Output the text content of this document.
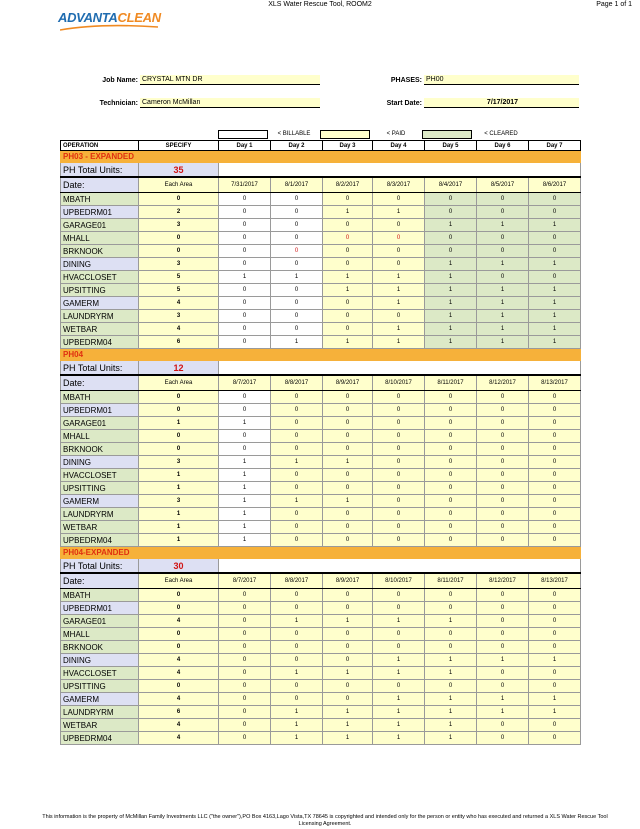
XLS Water Rescue Tool, ROOM2	Page 1 of 1
ADVANTACLEAN
Job Name: CRYSTAL MTN DR	PHASES: PH00
Technician: Cameron McMillan	Start Date:	7/17/2017
< BILLABLE	< PAID	< CLEARED
OPERATION	SPECIFY	Day 1	Day 2	Day 3	Day 4	Day 5	Day 6	Day 7
PH03 - EXPANDED								
PH Total Units:	35							
Date:	Each Area	7/31/2017	8/1/2017	8/2/2017	8/3/2017	8/4/2017	8/5/2017	8/6/2017
MBATH	0	0	0	0	0	0	0	0
UPBEDRM01	2	0	0	1	1	0	0	0
GARAGE01	3	0	0	0	0	1	1	1
MHALL	0	0	0	0	0	0	0	0
BRKNOOK	0	0	0	0	0	0	0	0
DINING	3	0	0	0	0	1	1	1
HVACCLOSET	5	1	1	1	1	1	0	0
UPSITTING	5	0	0	1	1	1	1	1
GAMERM	4	0	0	0	1	1	1	1
LAUNDRYRM	3	0	0	0	0	1	1	1
WETBAR	4	0	0	0	1	1	1	1
UPBEDRM04	6	0	1	1	1	1	1	1
PH04								
PH Total Units:	12							
Date:	Each Area	8/7/2017	8/8/2017	8/9/2017	8/10/2017	8/11/2017	8/12/2017	8/13/2017
MBATH	0	0	0	0	0	0	0	0
UPBEDRM01	0	0	0	0	0	0	0	0
GARAGE01	1	1	0	0	0	0	0	0
MHALL	0	0	0	0	0	0	0	0
BRKNOOK	0	0	0	0	0	0	0	0
DINING	3	1	1	1	0	0	0	0
HVACCLOSET	1	1	0	0	0	0	0	0
UPSITTING	1	1	0	0	0	0	0	0
GAMERM	3	1	1	1	0	0	0	0
LAUNDRYRM	1	1	0	0	0	0	0	0
WETBAR	1	1	0	0	0	0	0	0
UPBEDRM04	1	1	0	0	0	0	0	0
PH04-EXPANDED								
PH Total Units:	30							
Date:	Each Area	8/7/2017	8/8/2017	8/9/2017	8/10/2017	8/11/2017	8/12/2017	8/13/2017
MBATH	0	0	0	0	0	0	0	0
UPBEDRM01	0	0	0	0	0	0	0	0
GARAGE01	4	0	1	1	1	1	0	0
MHALL	0	0	0	0	0	0	0	0
BRKNOOK	0	0	0	0	0	0	0	0
DINING	4	0	0	0	1	1	1	1
HVACCLOSET	4	0	1	1	1	1	0	0
UPSITTING	0	0	0	0	0	0	0	0
GAMERM	4	0	0	0	1	1	1	1
LAUNDRYRM	6	0	1	1	1	1	1	1
WETBAR	4	0	1	1	1	1	0	0
UPBEDRM04	4	0	1	1	1	1	0	0
This information is the property of McMillan Family Investments LLC ("the owner"),PO Box 4163,Lago Vista,TX 78645 is copyrighted and intended only for the person or entity who has executed and returned a XLS Water Rescue Tool Licensing Agreement.
